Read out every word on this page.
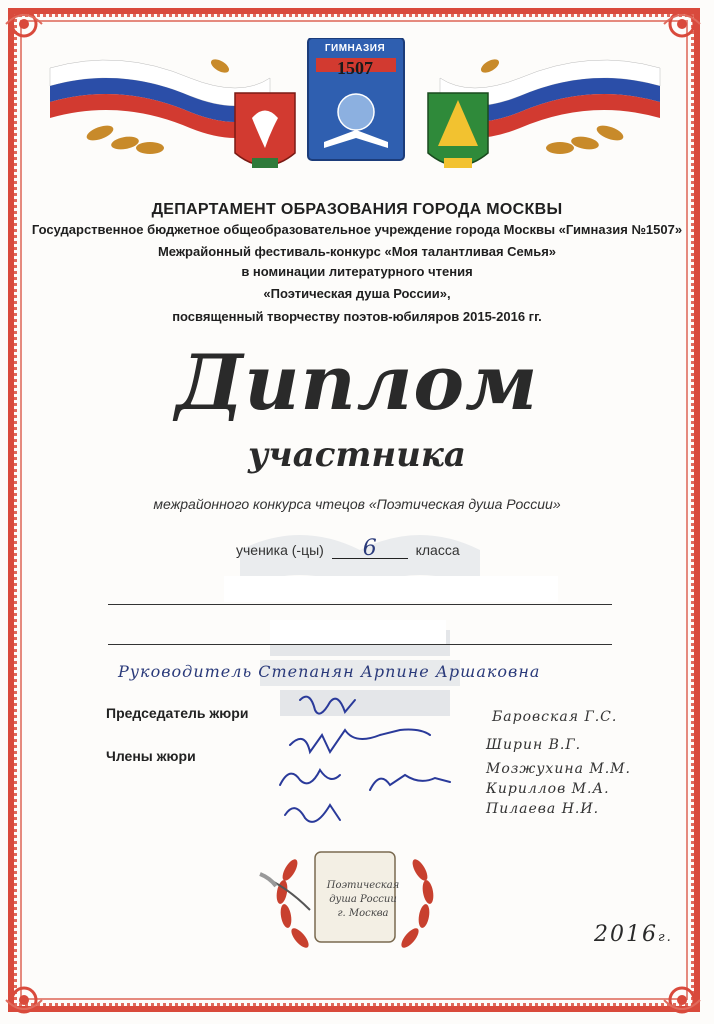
ГИМНАЗИЯ
1507
ДЕПАРТАМЕНТ ОБРАЗОВАНИЯ ГОРОДА МОСКВЫ
Государственное бюджетное общеобразовательное учреждение города Москвы «Гимназия №1507»
Межрайонный фестиваль-конкурс «Моя талантливая Семья»
в номинации литературного чтения
«Поэтическая душа России»,
посвященный творчеству поэтов-юбиляров 2015-2016 гг.
Диплом
участника
межрайонного конкурса чтецов «Поэтическая душа России»
ученика (-цы) 6	класса
Руководитель Степанян Арпине Аршаковна
Председатель жюри
Члены жюри
Баровская Г.С.
Ширин В.Г.
Мозжухина М.М.
Кириллов М.А.
Пилаева Н.И.
Поэтическая
душа России
г. Москва
2016г.
